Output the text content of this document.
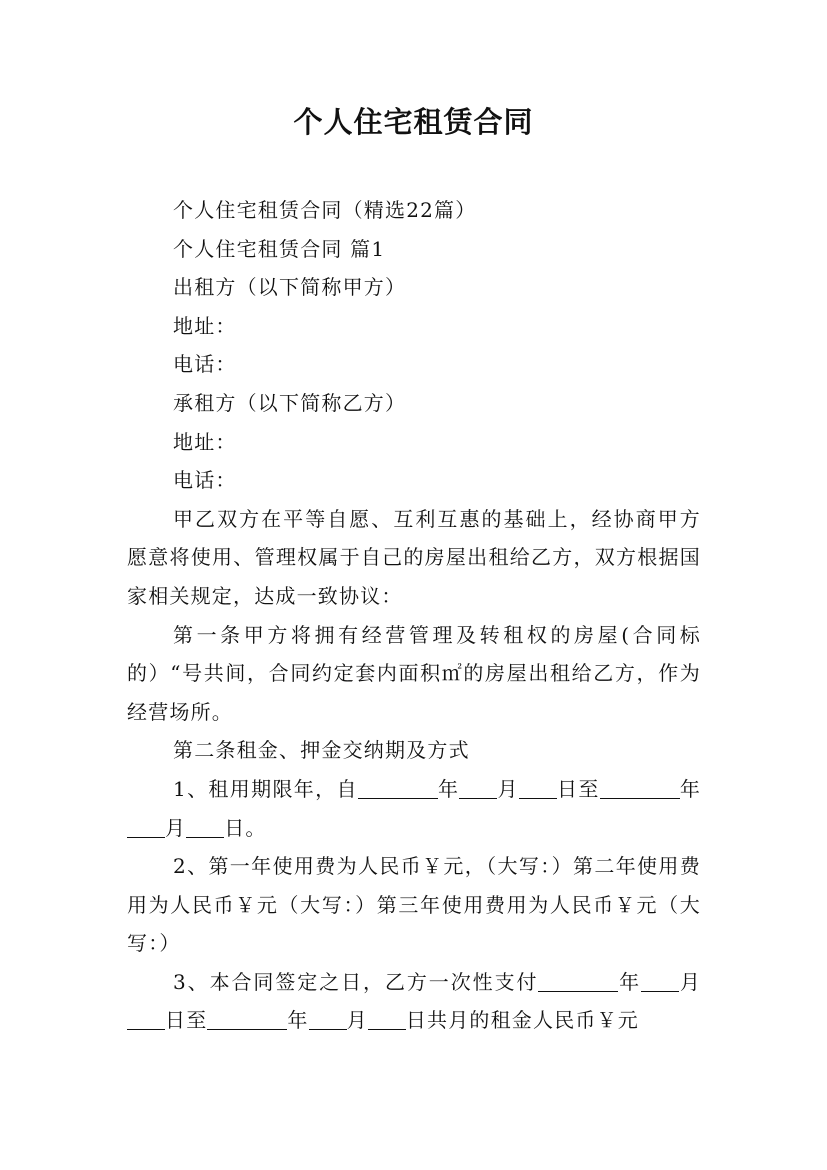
个人住宅租赁合同

个人住宅租赁合同（精选22篇）

个人住宅租赁合同 篇1

出租方（以下简称甲方）

地址：

电话：

承租方（以下简称乙方）

地址：

电话：

甲乙双方在平等自愿、互利互惠的基础上，经协商甲方愿意将使用、管理权属于自己的房屋出租给乙方，双方根据国家相关规定，达成一致协议：

第一条甲方将拥有经营管理及转租权的房屋(合同标的）“号共间，合同约定套内面积㎡的房屋出租给乙方，作为经营场所。

第二条租金、押金交纳期及方式

1、租用期限年，自	年 月 日至	年月 日。

2、第一年使用费为人民币￥元，（大写：）第二年使用费用为人民币￥元（大写：）第三年使用费用为人民币￥元（大写：）

3、本合同签定之日，乙方一次性支付	年 月日至	年 月 日共月的租金人民币￥元
